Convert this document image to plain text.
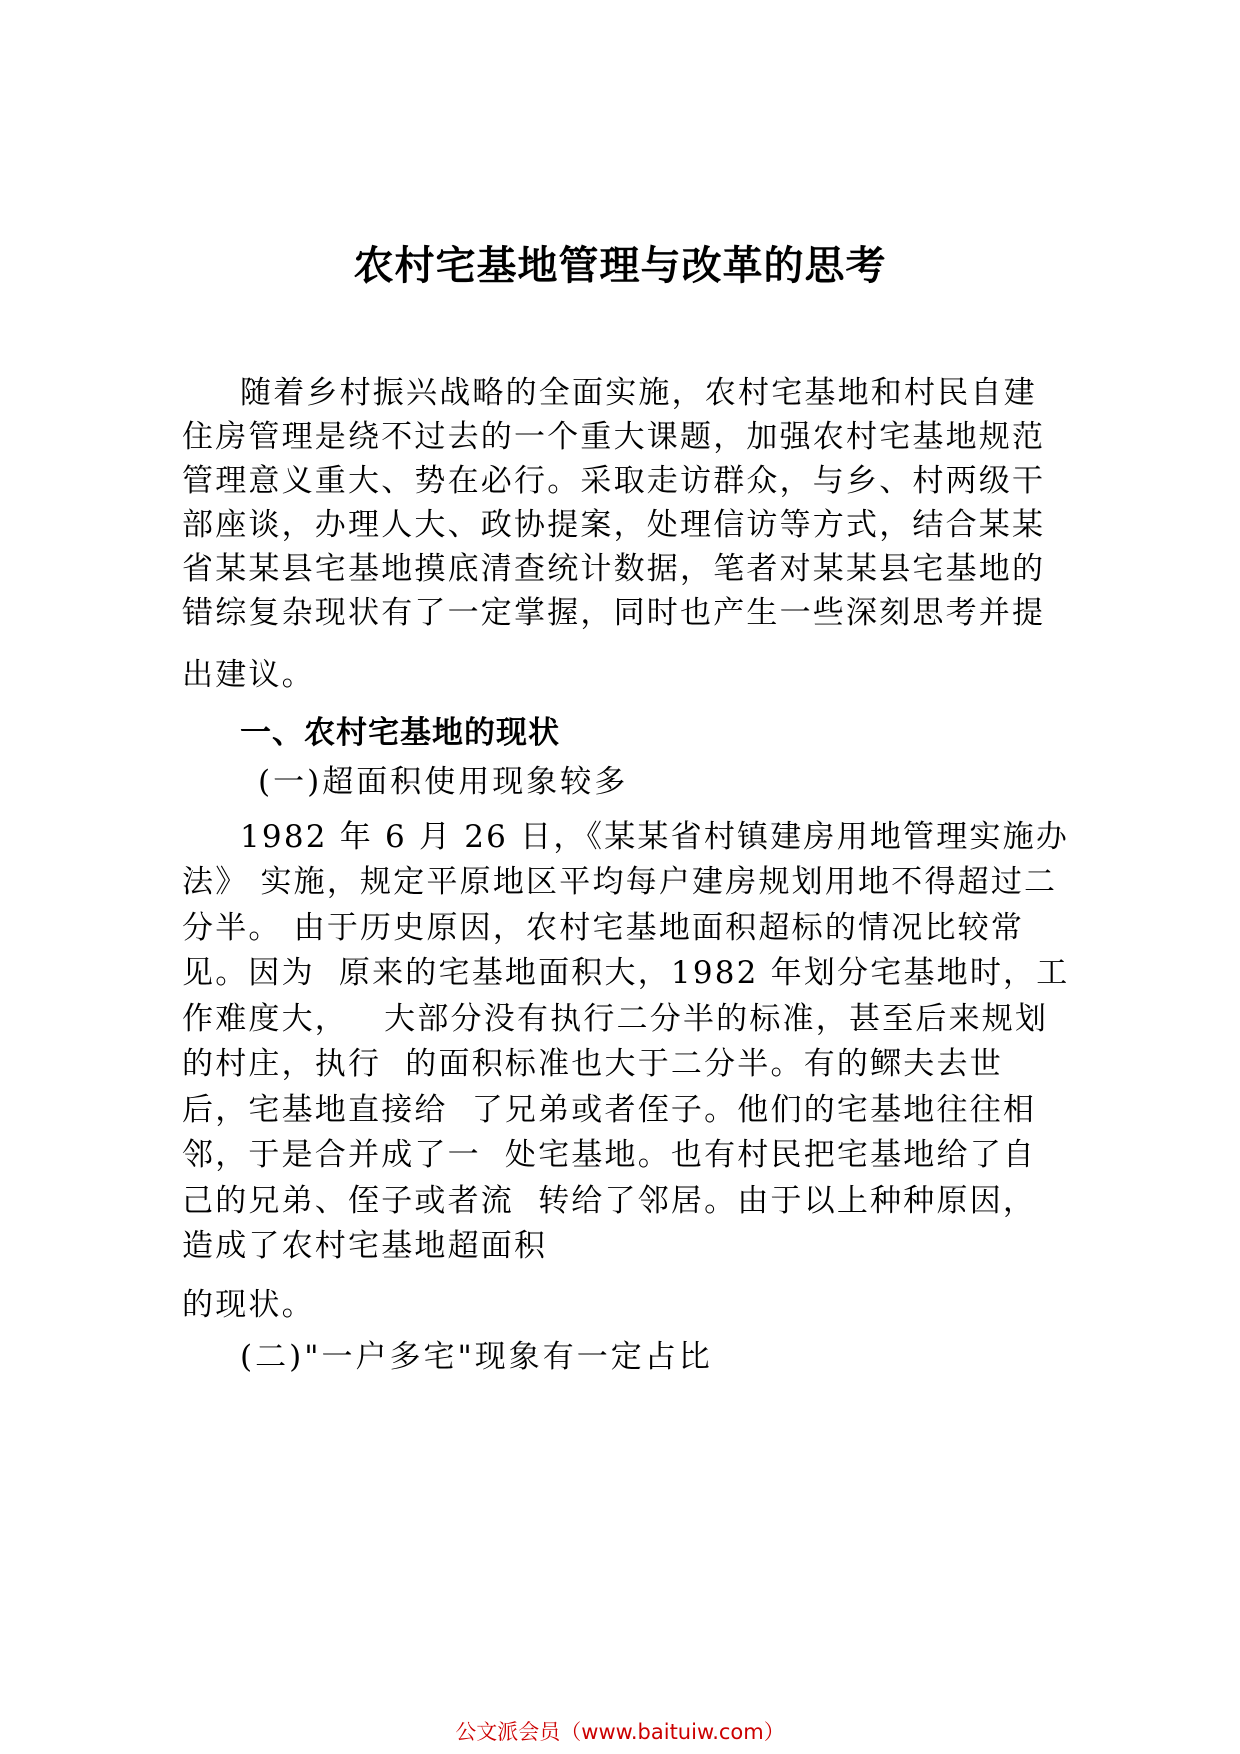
农村宅基地管理与改革的思考
随着乡村振兴战略的全面实施，农村宅基地和村民自建
住房管理是绕不过去的一个重大课题，加强农村宅基地规范
管理意义重大、势在必行。采取走访群众，与乡、村两级干
部座谈，办理人大、政协提案，处理信访等方式，结合某某
省某某县宅基地摸底清查统计数据，笔者对某某县宅基地的
错综复杂现状有了一定掌握，同时也产生一些深刻思考并提
出建议。
一、农村宅基地的现状
(一)超面积使用现象较多
1982 年 6 月 26 日，《某某省村镇建房用地管理实施办
法》 实施，规定平原地区平均每户建房规划用地不得超过二
分半。 由于历史原因，农村宅基地面积超标的情况比较常
见。因为  原来的宅基地面积大，1982 年划分宅基地时，工
作难度大，   大部分没有执行二分半的标准，甚至后来规划
的村庄，执行  的面积标准也大于二分半。有的鳏夫去世
后，宅基地直接给  了兄弟或者侄子。他们的宅基地往往相
邻，于是合并成了一  处宅基地。也有村民把宅基地给了自
己的兄弟、侄子或者流  转给了邻居。由于以上种种原因，
造成了农村宅基地超面积
的现状。
(二)"一户多宅"现象有一定占比
公文派会员（www.baituiw.com）
